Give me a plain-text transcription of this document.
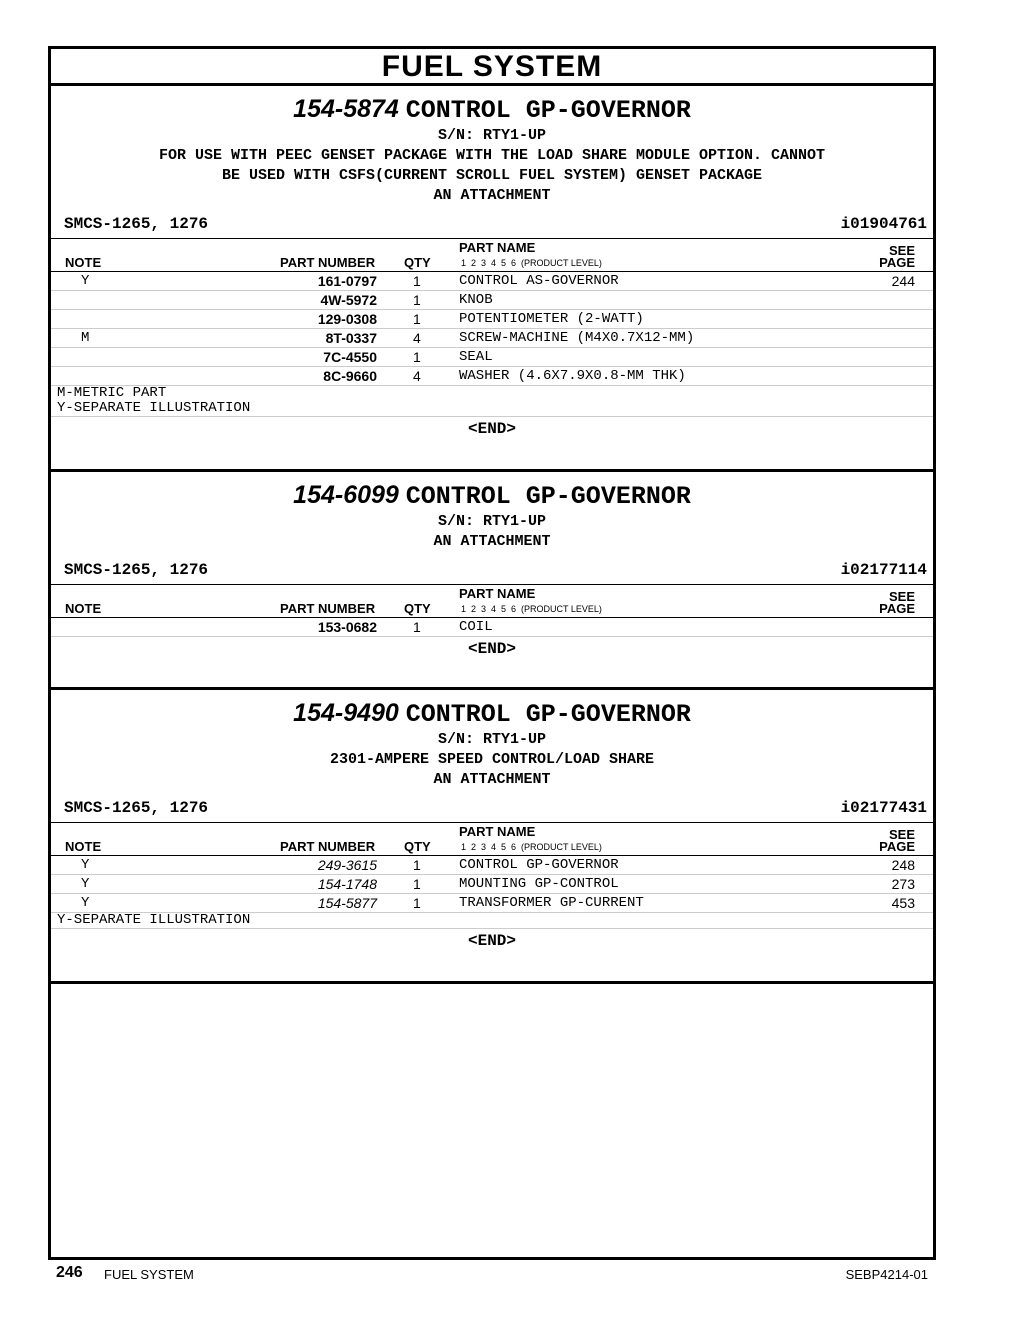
FUEL SYSTEM
154-5874 CONTROL GP-GOVERNOR
S/N: RTY1-UP
FOR USE WITH PEEC GENSET PACKAGE WITH THE LOAD SHARE MODULE OPTION. CANNOT
BE USED WITH CSFS(CURRENT SCROLL FUEL SYSTEM) GENSET PACKAGE
AN ATTACHMENT
SMCS-1265, 1276	i01904761
NOTE	PART NUMBER QTY
PART NAME
1  2  3  4  5  6  (PRODUCT LEVEL)
SEE
PAGE
Y	161-0797	1	CONTROL AS-GOVERNOR	244
4W-5972	1	KNOB
129-0308	1	POTENTIOMETER (2-WATT)
M	8T-0337	4	SCREW-MACHINE (M4X0.7X12-MM)
7C-4550	1	SEAL
8C-9660	4	WASHER (4.6X7.9X0.8-MM THK)
M-METRIC PART
Y-SEPARATE ILLUSTRATION
<END>
154-6099 CONTROL GP-GOVERNOR
S/N: RTY1-UP
AN ATTACHMENT
SMCS-1265, 1276	i02177114
NOTE	PART NUMBER QTY
PART NAME
1  2  3  4  5  6  (PRODUCT LEVEL)
SEE
PAGE
153-0682	1	COIL
<END>
154-9490 CONTROL GP-GOVERNOR
S/N: RTY1-UP
2301-AMPERE SPEED CONTROL/LOAD SHARE
AN ATTACHMENT
SMCS-1265, 1276	i02177431
NOTE	PART NUMBER QTY
PART NAME
1  2  3  4  5  6  (PRODUCT LEVEL)
SEE
PAGE
Y	249-3615	1	CONTROL GP-GOVERNOR	248
Y	154-1748	1	MOUNTING GP-CONTROL	273
Y	154-5877	1	TRANSFORMER GP-CURRENT	453
Y-SEPARATE ILLUSTRATION
<END>
246 FUEL SYSTEM	SEBP4214-01
